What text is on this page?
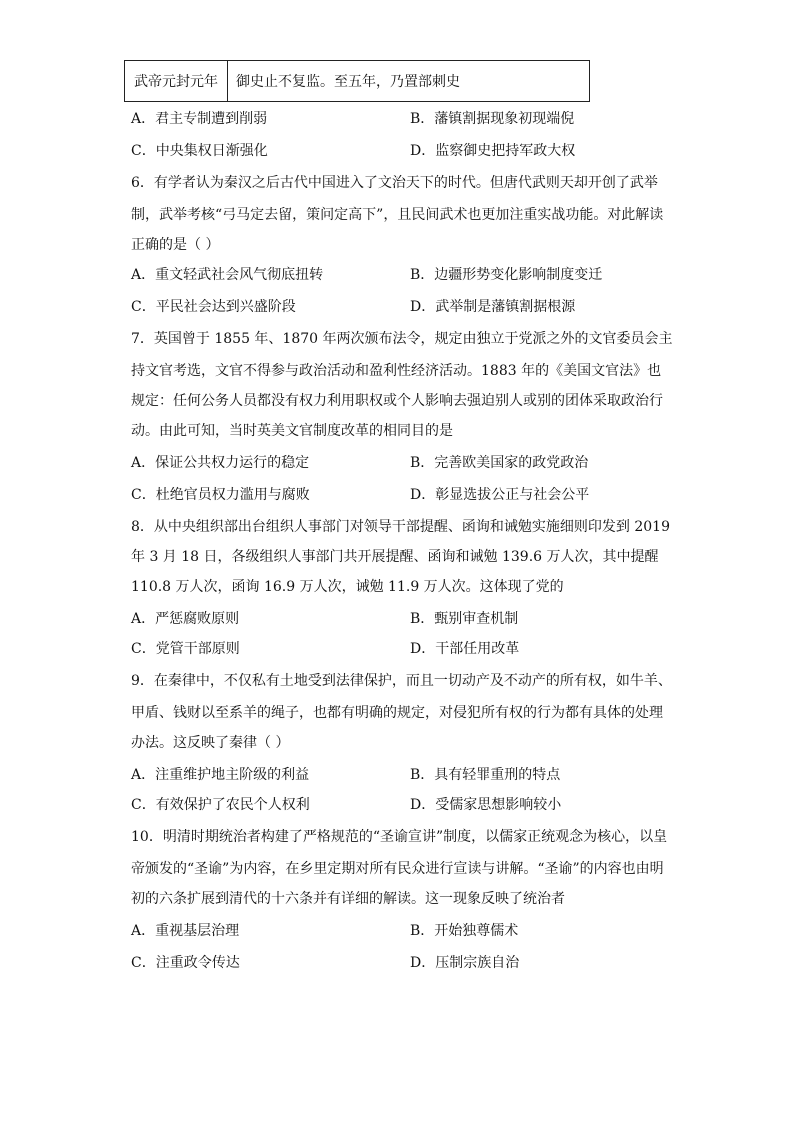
武帝元封元年	御史止不复监。至五年，乃置部刺史
A．君主专制遭到削弱	B．藩镇割据现象初现端倪
C．中央集权日渐强化	D．监察御史把持军政大权
6．有学者认为秦汉之后古代中国进入了文治天下的时代。但唐代武则天却开创了武举
制，武举考核“弓马定去留，策问定高下”，且民间武术也更加注重实战功能。对此解读
正确的是（ ）
A．重文轻武社会风气彻底扭转	B．边疆形势变化影响制度变迁
C．平民社会达到兴盛阶段	D．武举制是藩镇割据根源
7．英国曾于 1855 年、1870 年两次颁布法令，规定由独立于党派之外的文官委员会主
持文官考选，文官不得参与政治活动和盈利性经济活动。1883 年的《美国文官法》也
规定：任何公务人员都没有权力利用职权或个人影响去强迫别人或别的团体采取政治行
动。由此可知，当时英美文官制度改革的相同目的是
A．保证公共权力运行的稳定	B．完善欧美国家的政党政治
C．杜绝官员权力滥用与腐败	D．彰显选拔公正与社会公平
8．从中央组织部出台组织人事部门对领导干部提醒、函询和诫勉实施细则印发到 2019
年 3 月 18 日，各级组织人事部门共开展提醒、函询和诫勉 139.6 万人次，其中提醒
110.8 万人次，函询 16.9 万人次，诫勉 11.9 万人次。这体现了党的
A．严惩腐败原则	B．甄别审查机制
C．党管干部原则	D．干部任用改革
9．在秦律中，不仅私有土地受到法律保护，而且一切动产及不动产的所有权，如牛羊、
甲盾、钱财以至系羊的绳子，也都有明确的规定，对侵犯所有权的行为都有具体的处理
办法。这反映了秦律（ ）
A．注重维护地主阶级的利益	B．具有轻罪重刑的特点
C．有效保护了农民个人权利	D．受儒家思想影响较小
10．明清时期统治者构建了严格规范的“圣谕宣讲”制度，以儒家正统观念为核心，以皇
帝颁发的“圣谕”为内容，在乡里定期对所有民众进行宣读与讲解。“圣谕”的内容也由明
初的六条扩展到清代的十六条并有详细的解读。这一现象反映了统治者
A．重视基层治理	B．开始独尊儒术
C．注重政令传达	D．压制宗族自治
